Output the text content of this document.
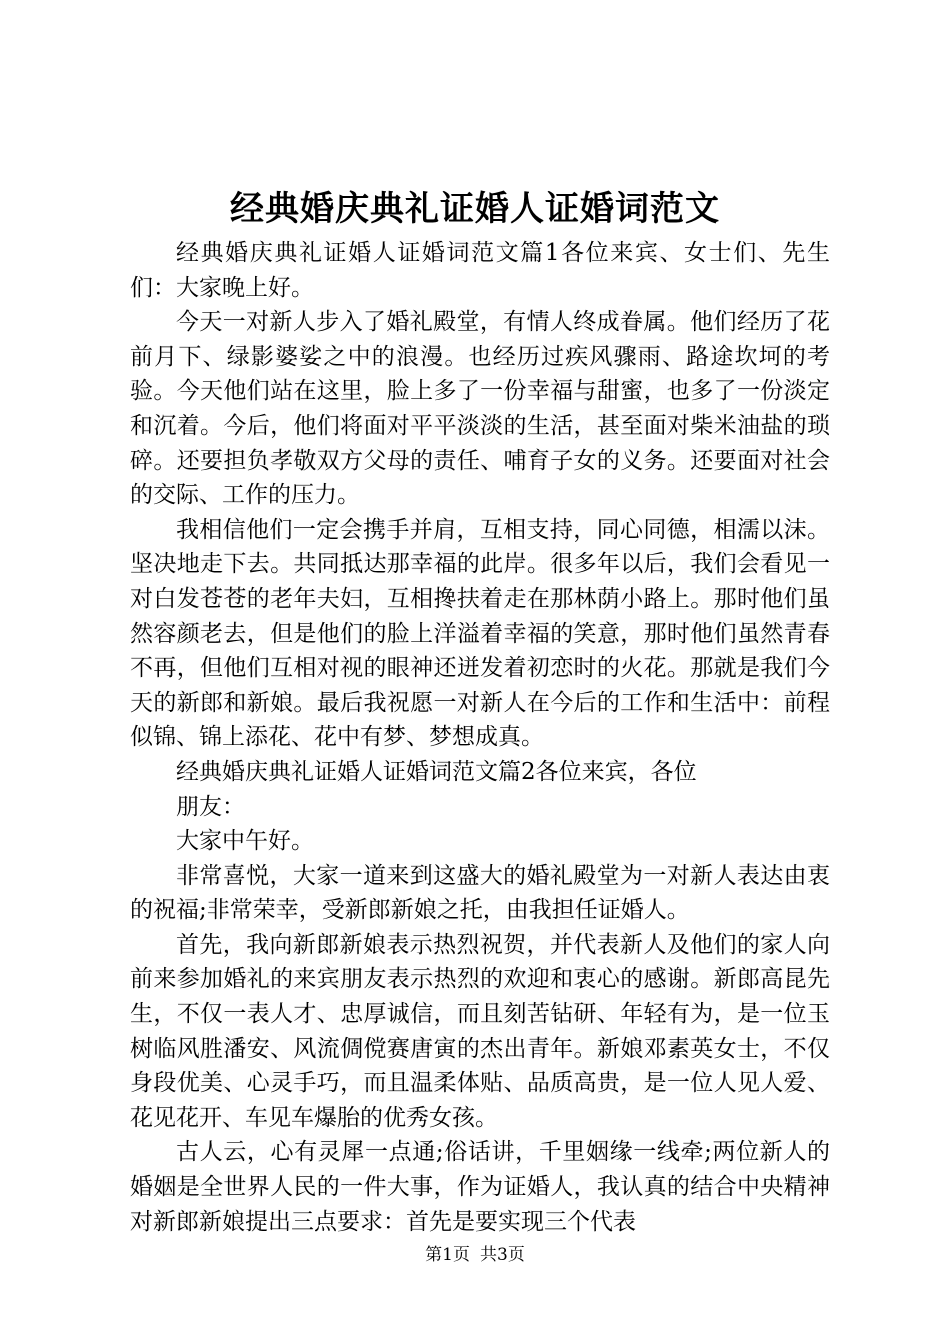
经典婚庆典礼证婚人证婚词范文

经典婚庆典礼证婚人证婚词范文篇1各位来宾、女士们、先生们：大家晚上好。

今天一对新人步入了婚礼殿堂，有情人终成眷属。他们经历了花前月下、绿影婆娑之中的浪漫。也经历过疾风骤雨、路途坎坷的考验。今天他们站在这里，脸上多了一份幸福与甜蜜，也多了一份淡定和沉着。今后，他们将面对平平淡淡的生活，甚至面对柴米油盐的琐碎。还要担负孝敬双方父母的责任、哺育子女的义务。还要面对社会的交际、工作的压力。

我相信他们一定会携手并肩，互相支持，同心同德，相濡以沫。坚决地走下去。共同抵达那幸福的此岸。很多年以后，我们会看见一对白发苍苍的老年夫妇，互相搀扶着走在那林荫小路上。那时他们虽然容颜老去，但是他们的脸上洋溢着幸福的笑意，那时他们虽然青春不再，但他们互相对视的眼神还迸发着初恋时的火花。那就是我们今天的新郎和新娘。最后我祝愿一对新人在今后的工作和生活中：前程似锦、锦上添花、花中有梦、梦想成真。

经典婚庆典礼证婚人证婚词范文篇2各位来宾，各位

朋友：

大家中午好。

非常喜悦，大家一道来到这盛大的婚礼殿堂为一对新人表达由衷的祝福;非常荣幸，受新郎新娘之托，由我担任证婚人。

首先，我向新郎新娘表示热烈祝贺，并代表新人及他们的家人向前来参加婚礼的来宾朋友表示热烈的欢迎和衷心的感谢。新郎高昆先生，不仅一表人才、忠厚诚信，而且刻苦钻研、年轻有为，是一位玉树临风胜潘安、风流倜傥赛唐寅的杰出青年。新娘邓素英女士，不仅身段优美、心灵手巧，而且温柔体贴、品质高贵，是一位人见人爱、花见花开、车见车爆胎的优秀女孩。

古人云，心有灵犀一点通;俗话讲，千里姻缘一线牵;两位新人的婚姻是全世界人民的一件大事，作为证婚人，我认真的结合中央精神对新郎新娘提出三点要求：首先是要实现三个代表

第1页 共3页
